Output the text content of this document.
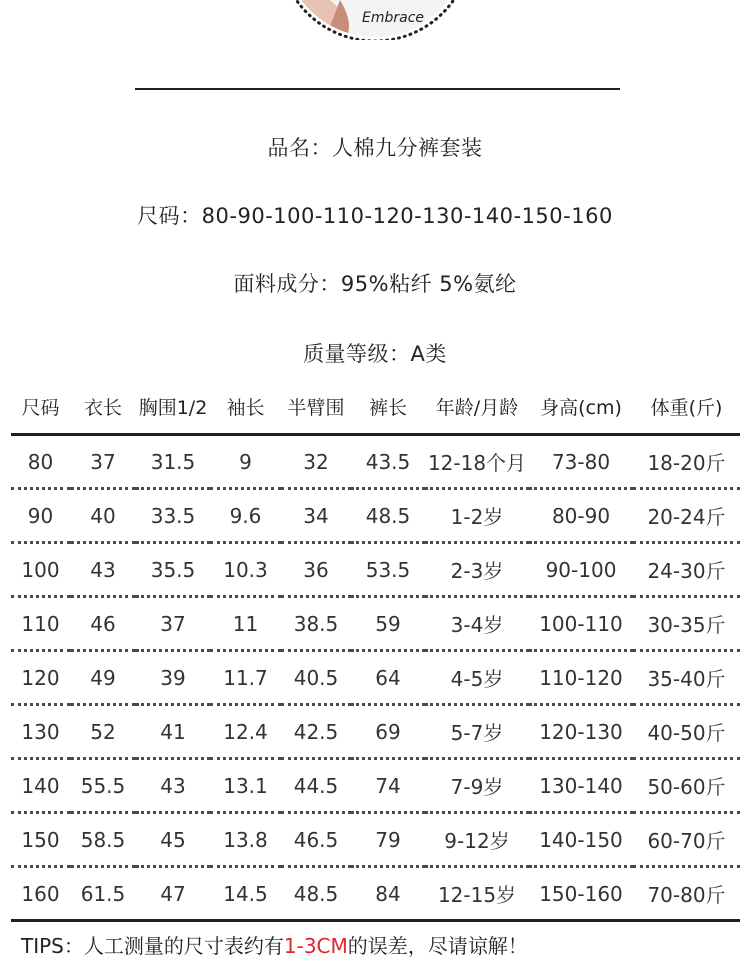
Embrace
品名：人棉九分裤套装
尺码：80-90-100-110-120-130-140-150-160
面料成分：95%粘纤 5%氨纶
质量等级：A类
尺码	衣长	胸围1/2	袖长	半臂围	裤长	年龄/月龄	身高(cm)	体重(斤)
80	37	31.5	9	32	43.5	12-18个月	73-80	18-20斤
90	40	33.5	9.6	34	48.5	1-2岁	80-90	20-24斤
100	43	35.5	10.3	36	53.5	2-3岁	90-100	24-30斤
110	46	37	11	38.5	59	3-4岁	100-110	30-35斤
120	49	39	11.7	40.5	64	4-5岁	110-120	35-40斤
130	52	41	12.4	42.5	69	5-7岁	120-130	40-50斤
140	55.5	43	13.1	44.5	74	7-9岁	130-140	50-60斤
150	58.5	45	13.8	46.5	79	9-12岁	140-150	60-70斤
160	61.5	47	14.5	48.5	84	12-15岁	150-160	70-80斤
TIPS：人工测量的尺寸表约有1-3CM的误差，尽请谅解！
